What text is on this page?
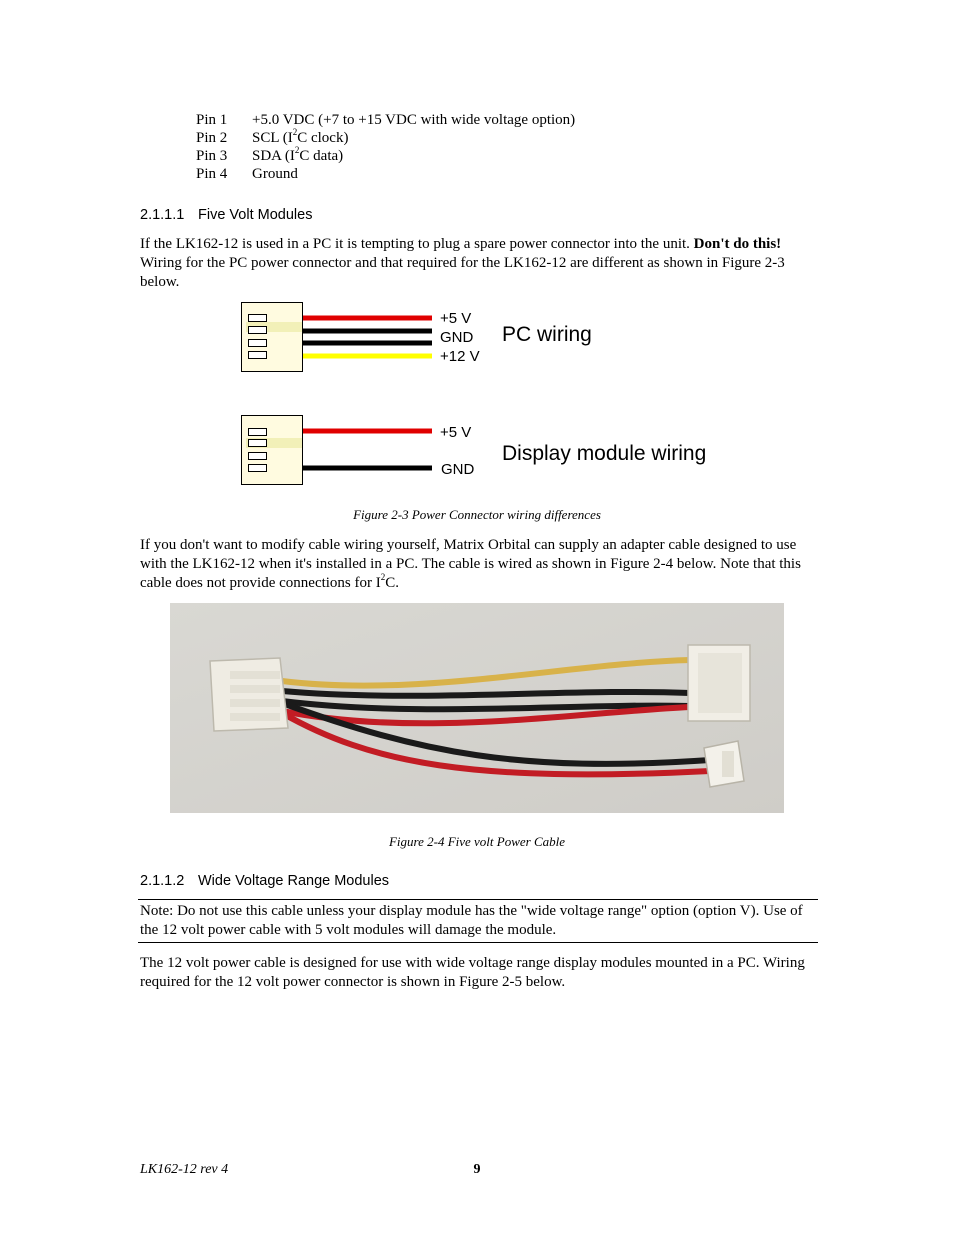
Pin 1 +5.0 VDC (+7 to +15 VDC with wide voltage option)
Pin 2 SCL ($I^2C$ clock)
Pin 3 SDA ($I^2C$ data)
Pin 4 Ground
2.1.1.1 Five Volt Modules
If the LK162-12 is used in a PC it is tempting to plug a spare power connector into the unit. Don't do this! Wiring for the PC power connector and that required for the LK162-12 are different as shown in Figure 2-3 below.
+5 V
GND
+12 V
PC wiring
+5 V
GND
Display module wiring
Figure 2-3 Power Connector wiring differences
If you don't want to modify cable wiring yourself, Matrix Orbital can supply an adapter cable designed to use with the LK162-12 when it's installed in a PC. The cable is wired as shown in Figure 2-4 below. Note that this cable does not provide connections for $I^2C$.
Figure 2-4 Five volt Power Cable
2.1.1.2 Wide Voltage Range Modules
Note: Do not use this cable unless your display module has the "wide voltage range" option (option V). Use of the 12 volt power cable with 5 volt modules will damage the module.
The 12 volt power cable is designed for use with wide voltage range display modules mounted in a PC. Wiring required for the 12 volt power connector is shown in Figure 2-5 below.
LK162-12 rev 4	9
